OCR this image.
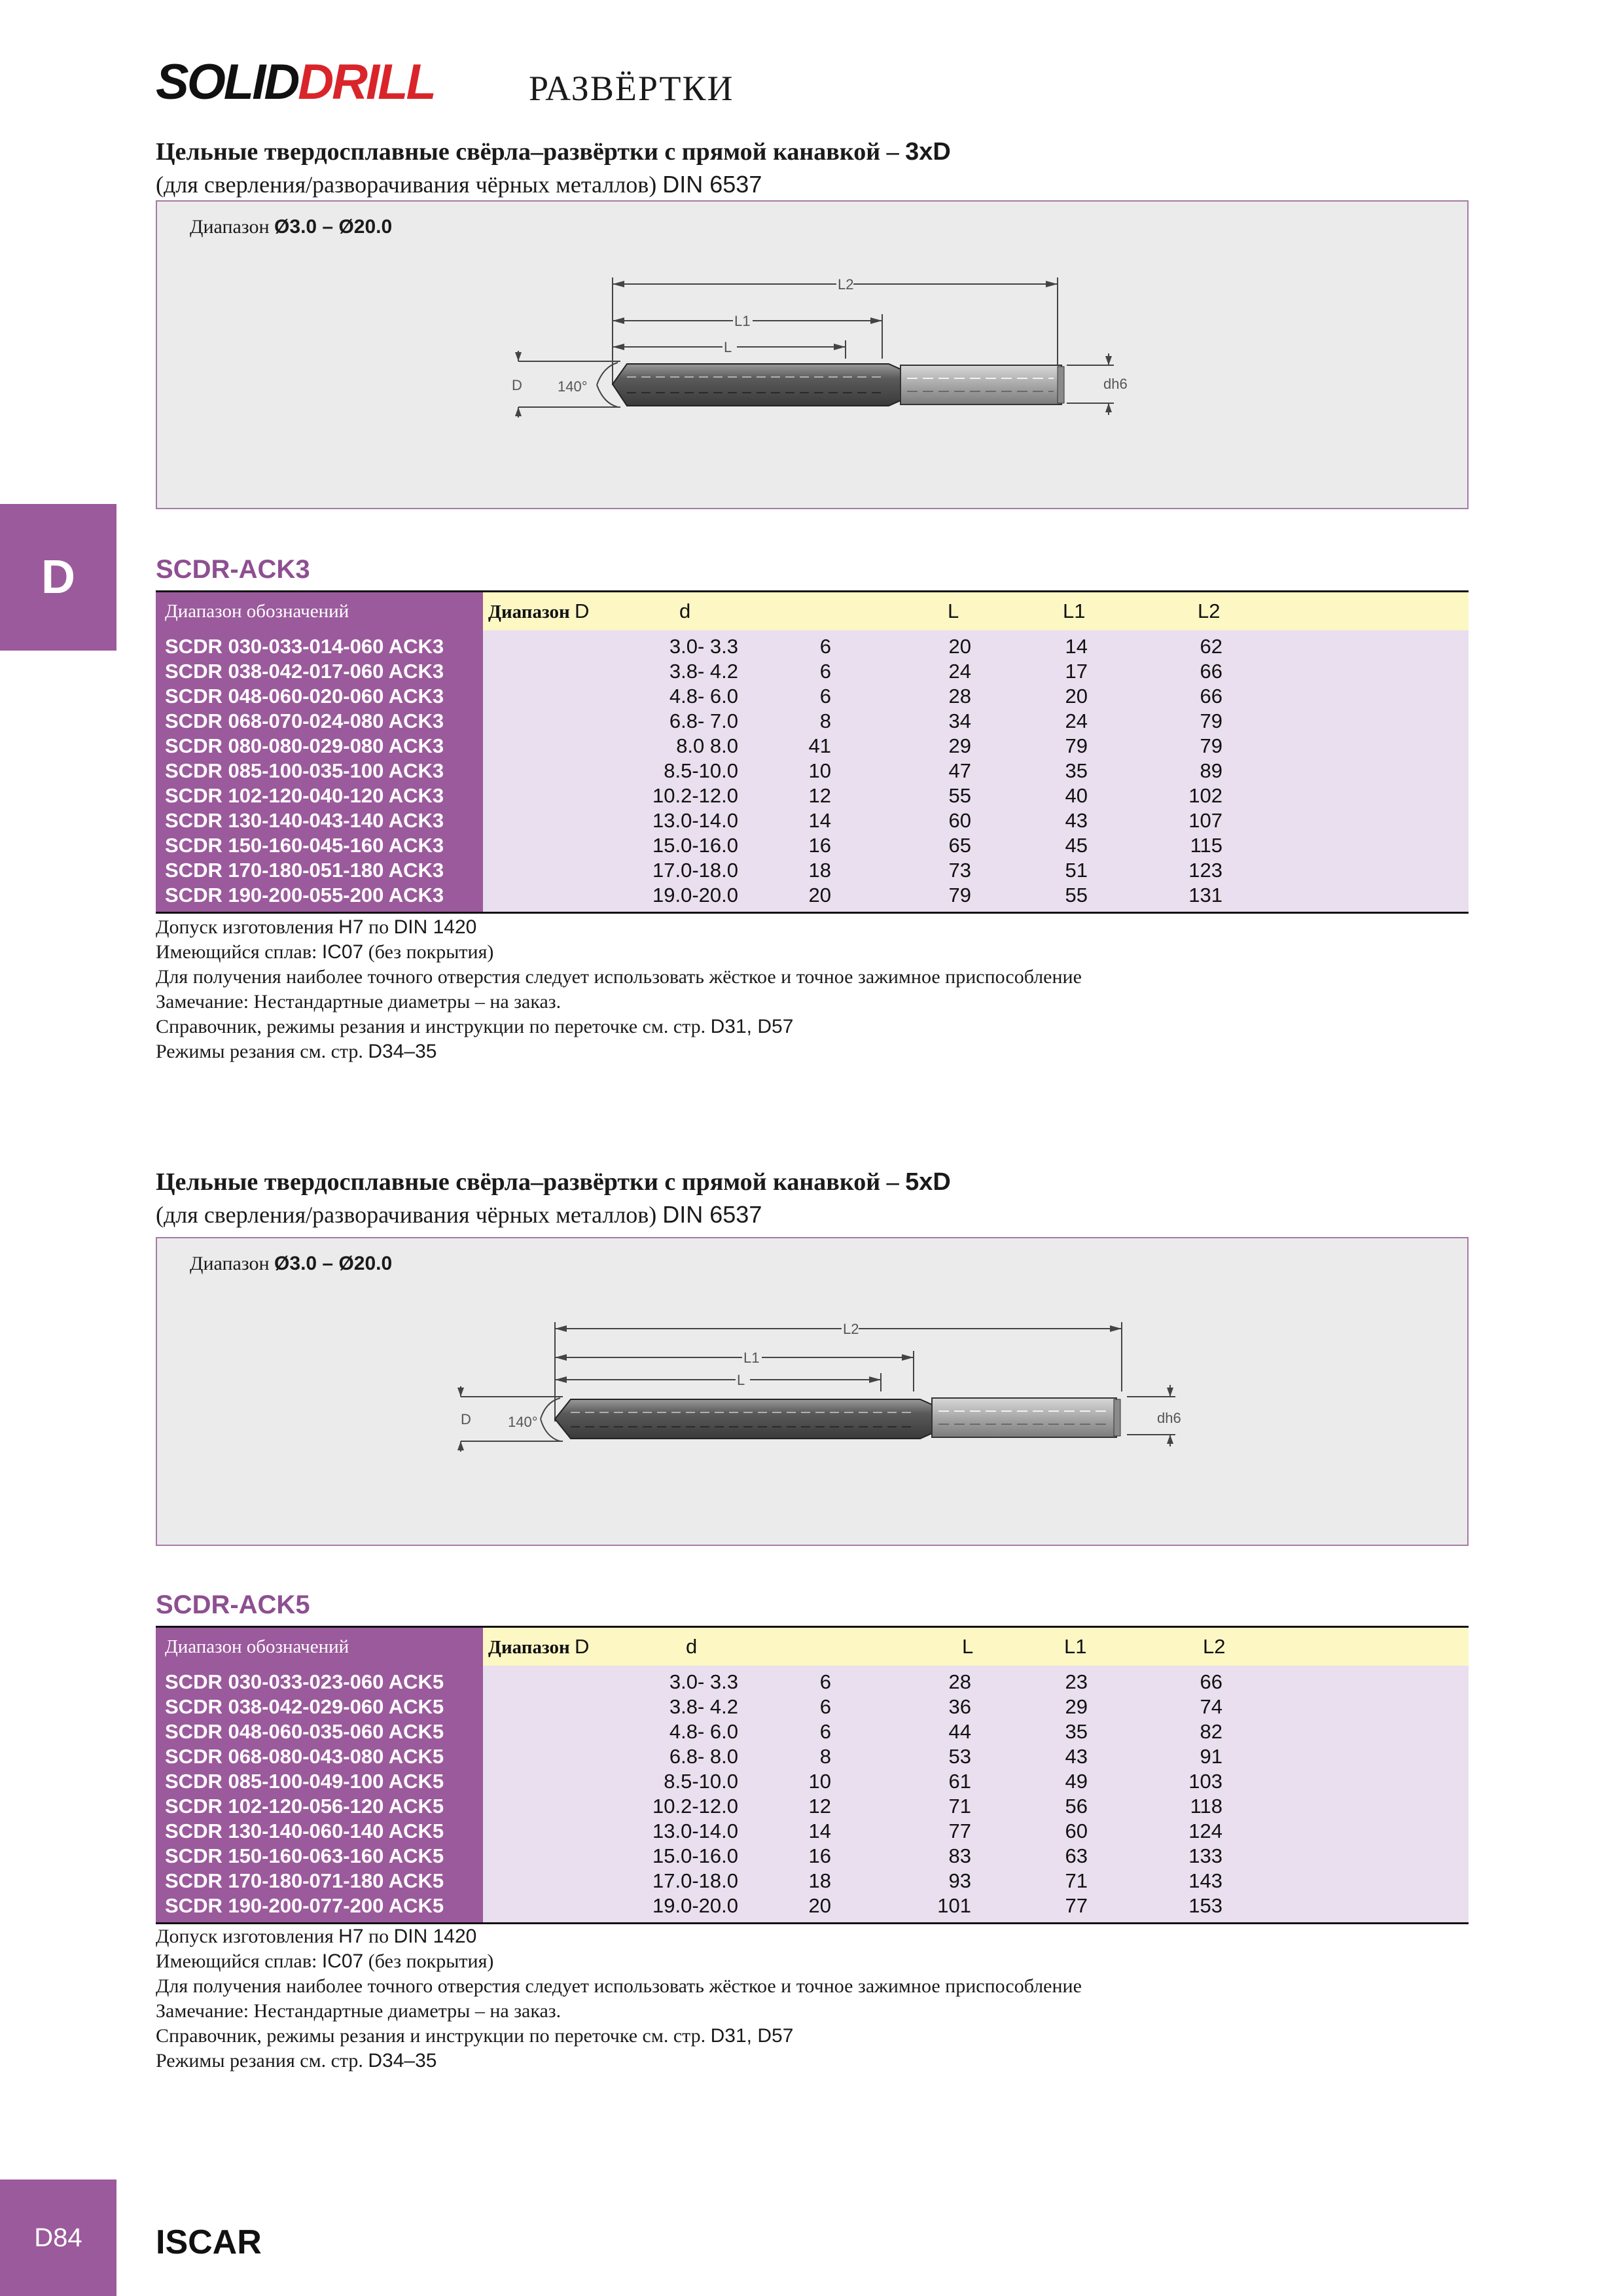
SOLIDDRILL	РАЗВЁРТКИ
D
Цельные твердосплавные свёрла–развёртки с прямой канавкой – 3xD
(для сверления/разворачивания чёрных металлов) DIN 6537
Диапазон Ø3.0 – Ø20.0
L2
L1
L
D 140°	dh6
SCDR-ACK3
Диапазон обозначений	Диапазон D	d	L	L1	L2
SCDR 030-033-014-060 ACK3	3.0- 3.3	6	20	14	62
SCDR 038-042-017-060 ACK3	3.8- 4.2	6	24	17	66
SCDR 048-060-020-060 ACK3	4.8- 6.0	6	28	20	66
SCDR 068-070-024-080 ACK3	6.8- 7.0	8	34	24	79
SCDR 080-080-029-080 ACK3	8.0 8.0	41	29	79	79
SCDR 085-100-035-100 ACK3	8.5-10.0	10	47	35	89
SCDR 102-120-040-120 ACK3	10.2-12.0	12	55	40	102
SCDR 130-140-043-140 ACK3	13.0-14.0	14	60	43	107
SCDR 150-160-045-160 ACK3	15.0-16.0	16	65	45	115
SCDR 170-180-051-180 ACK3	17.0-18.0	18	73	51	123
SCDR 190-200-055-200 ACK3	19.0-20.0	20	79	55	131
Допуск изготовления H7 по DIN 1420
Имеющийся сплав: IC07 (без покрытия)
Для получения наиболее точного отверстия следует использовать жёсткое и точное зажимное приспособление
Замечание: Нестандартные диаметры – на заказ.
Справочник, режимы резания и инструкции по переточке см. стр. D31, D57
Режимы резания см. стр. D34–35
Цельные твердосплавные свёрла–развёртки с прямой канавкой – 5xD
(для сверления/разворачивания чёрных металлов) DIN 6537
Диапазон Ø3.0 – Ø20.0
L2
L1
L
D	140°	dh6
SCDR-ACK5
Диапазон обозначений	Диапазон D	d	L	L1	L2
SCDR 030-033-023-060 ACK5	3.0- 3.3	6	28	23	66
SCDR 038-042-029-060 ACK5	3.8- 4.2	6	36	29	74
SCDR 048-060-035-060 ACK5	4.8- 6.0	6	44	35	82
SCDR 068-080-043-080 ACK5	6.8- 8.0	8	53	43	91
SCDR 085-100-049-100 ACK5	8.5-10.0	10	61	49	103
SCDR 102-120-056-120 ACK5	10.2-12.0	12	71	56	118
SCDR 130-140-060-140 ACK5	13.0-14.0	14	77	60	124
SCDR 150-160-063-160 ACK5	15.0-16.0	16	83	63	133
SCDR 170-180-071-180 ACK5	17.0-18.0	18	93	71	143
SCDR 190-200-077-200 ACK5	19.0-20.0	20	101	77	153
Допуск изготовления H7 по DIN 1420
Имеющийся сплав: IC07 (без покрытия)
Для получения наиболее точного отверстия следует использовать жёсткое и точное зажимное приспособление
Замечание: Нестандартные диаметры – на заказ.
Справочник, режимы резания и инструкции по переточке см. стр. D31, D57
Режимы резания см. стр. D34–35
D84	ISCAR
